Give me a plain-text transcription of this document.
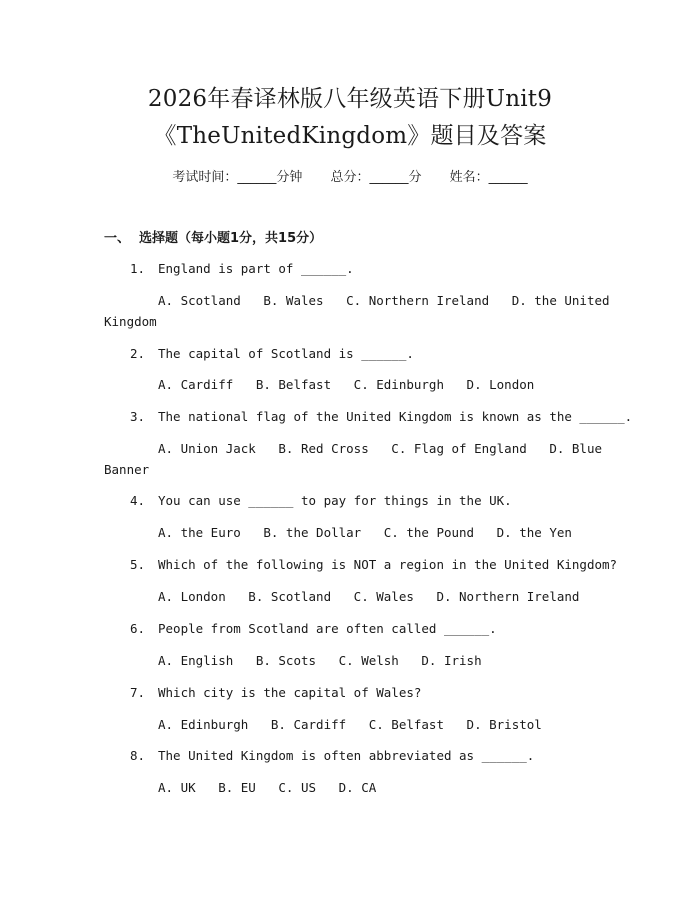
2026年春译林版八年级英语下册Unit9
《TheUnitedKingdom》题目及答案
考试时间：______分钟 总分：______分 姓名：______
一、 选择题（每小题1分，共15分）
1. England is part of ______.
A. Scotland   B. Wales   C. Northern Ireland   D. the United
Kingdom
2. The capital of Scotland is ______.
A. Cardiff   B. Belfast   C. Edinburgh   D. London
3. The national flag of the United Kingdom is known as the ______.
A. Union Jack   B. Red Cross   C. Flag of England   D. Blue
Banner
4. You can use ______ to pay for things in the UK.
A. the Euro   B. the Dollar   C. the Pound   D. the Yen
5. Which of the following is NOT a region in the United Kingdom?
A. London   B. Scotland   C. Wales   D. Northern Ireland
6. People from Scotland are often called ______.
A. English   B. Scots   C. Welsh   D. Irish
7. Which city is the capital of Wales?
A. Edinburgh   B. Cardiff   C. Belfast   D. Bristol
8. The United Kingdom is often abbreviated as ______.
A. UK   B. EU   C. US   D. CA
